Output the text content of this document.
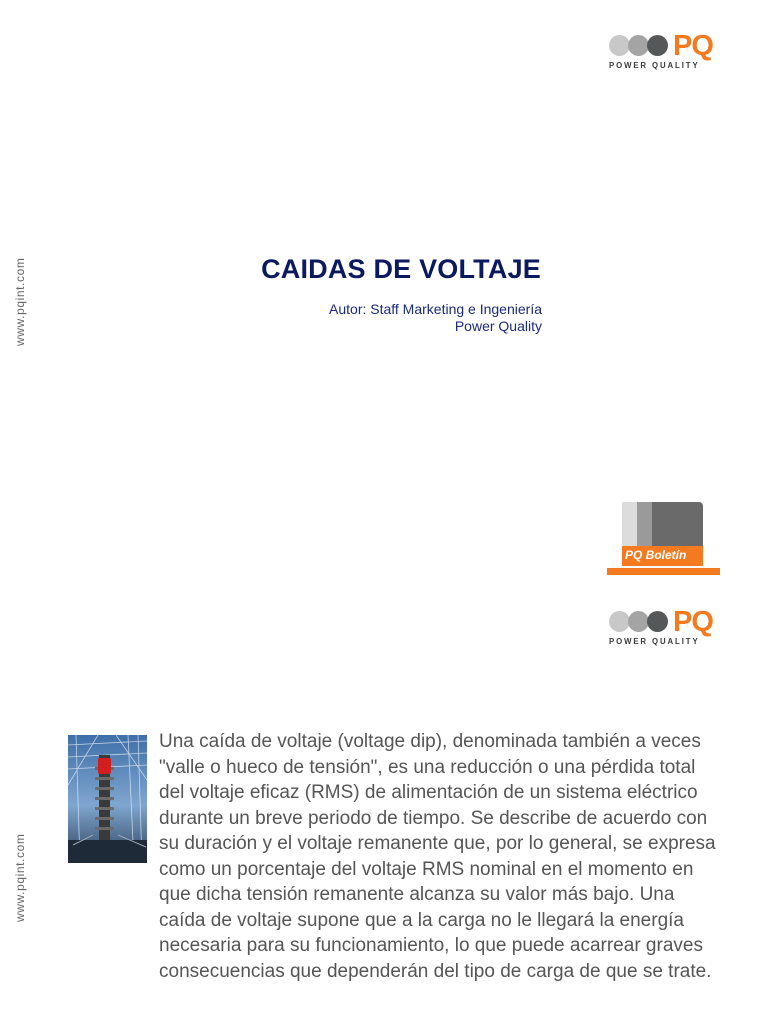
PQ
POWER QUALITY
www.pqint.com	CAIDAS DE VOLTAJE
Autor: Staff Marketing e Ingeniería
Power Quality
PQ Boletín
PQ
POWER QUALITY
www.pqint.com
Una caída de voltaje (voltage dip), denominada también a veces "valle o hueco de tensión", es una reducción o una pérdida total del voltaje eficaz (RMS) de alimentación de un sistema eléctrico durante un breve periodo de tiempo. Se describe de acuerdo con su duración y el voltaje remanente que, por lo general, se expresa como un porcentaje del voltaje RMS nominal en el momento en que dicha tensión remanente alcanza su valor más bajo. Una caída de voltaje supone que a la carga no le llegará la energía necesaria para su funcionamiento, lo que puede acarrear graves consecuencias que dependerán del tipo de carga de que se trate.
